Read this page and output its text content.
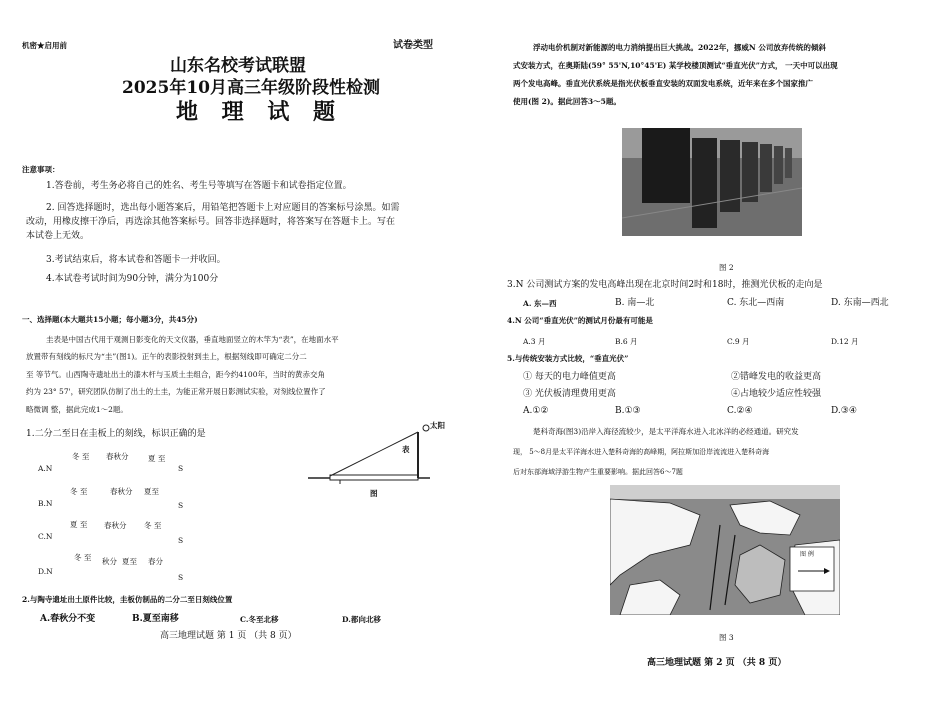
机密★启用前	试卷类型
山东名校考试联盟
2025年10月高三年级阶段性检测
地 理 试 题
注意事项：
1.答卷前，考生务必将自己的姓名、考生号等填写在答题卡和试卷指定位置。
2. 回答选择题时，选出每小题答案后，用铅笔把答题卡上对应题目的答案标号涂黑。如需
改动，用橡皮擦干净后，再选涂其他答案标号。回答非选择题时，将答案写在答题卡上。写在
本试卷上无效。
3.考试结束后，将本试卷和答题卡一并收回。
4.本试卷考试时间为90分钟，满分为100分
一、选择题(本大题共15小题；每小题3分，共45分)
圭表是中国古代用于观测日影变化的天文仪器，垂直地面竖立的木竿为“表”，在地面水平
放置带有刻线的标尺为“圭”(图1)。正午的表影投射到圭上，根据刻线即可确定二分二
至 等节气。山西陶寺遗址出土的漆木杆与玉质土圭组合，距今约4100年，当时的黄赤交角
约为 23° 57'，研究团队仿制了出土的土圭，为能正常开展日影测试实验，对刻线位置作了
略微调 整，据此完成1～2题。
1.二分二至日在圭板上的刻线，标识正确的是
冬 至 春秋分	夏 至
A.N	S
冬 至	春秋分 夏至
B.N	S
夏 至 春秋分 冬 至
C.N	S
冬 至 秋分 夏至 春分
D.N
S
太阳
表
图
2.与陶寺遗址出土原件比较，圭板仿制品的二分二至日刻线位置
A.春秋分不变	B.夏至南移	C.冬至北移	D.都向北移
高三地理试题 第 1 页 （共 8 页）
浮动电价机制对新能源的电力消纳提出巨大挑战。2022年，挪威N 公司放弃传统的倾斜
式安装方式，在奥斯陆(59° 55'N,10°45'E) 某学校楼顶测试“垂直光伏”方式， 一天中可以出现
两个发电高峰。垂直光伏系统是指光伏板垂直安装的双面发电系统，近年来在多个国家推广
使用(图 2)。据此回答3～5题。
图 2
3.N 公司测试方案的发电高峰出现在北京时间2时和18时，推测光伏板的走向是
A. 东—西	B. 南—北	C. 东北—西南	D. 东南—西北
4.N 公司“垂直光伏”的测试月份最有可能是
A.3 月	B.6 月	C.9 月	D.12 月
5.与传统安装方式比较，“垂直光伏”
① 每天的电力峰值更高	②错峰发电的收益更高
③ 光伏板清理费用更高	④占地较少适应性较强
A.①②	B.①③	C.②④	D.③④
楚科奇海(图3)沿岸入海径流较少，是太平洋海水进入北冰洋的必经通道。研究发
现， 5～8月是太平洋海水进入楚科奇海的高峰期，阿拉斯加沿岸流流进入楚科奇海
后对东部海域浮游生物产生重要影响。据此回答6～7题
图 例
图 3
高三地理试题 第 2 页 （共 8 页）
